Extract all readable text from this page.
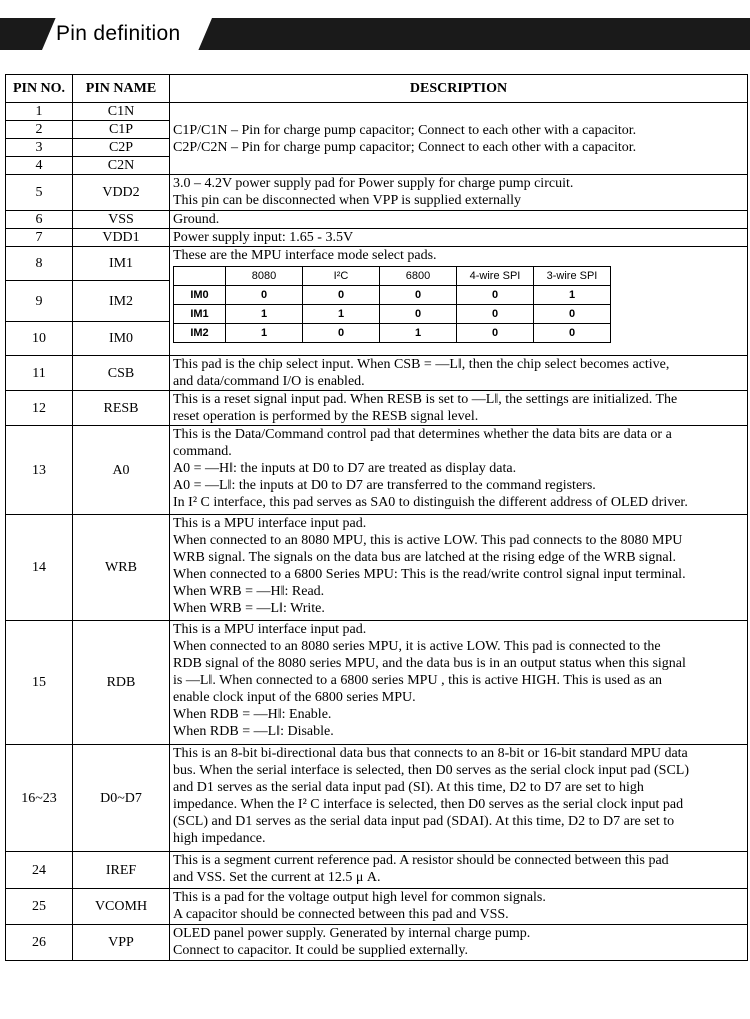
Pin definition
PIN NO.	PIN NAME	DESCRIPTION
1	C1N	
C1P/C1N – Pin for charge pump capacitor; Connect to each other with a capacitor.
C2P/C2N – Pin for charge pump capacitor; Connect to each other with a capacitor.

2	C1P
3	C2P
4	C2N
5	VDD2	
3.0 – 4.2V power supply pad for Power supply for charge pump circuit.
This pin can be disconnected when VPP is supplied externally

6	VSS	Ground.
7	VDD1	Power supply input: 1.65 - 3.5V
8	IM1	
These are the MPU interface mode select pads.
	8080	I²C	6800	4-wire SPI	3-wire SPI
IM0	0	0	0	0	1
IM1	1	1	0	0	0
IM2	1	0	1	0	0

9	IM2
10	IM0
11	CSB	
This pad is the chip select input. When CSB = ―L‖, then the chip select becomes active,
and data/command I/O is enabled.

12	RESB	
This is a reset signal input pad. When RESB is set to ―L‖, the settings are initialized. The
reset operation is performed by the RESB signal level.

13	A0	
This is the Data/Command control pad that determines whether the data bits are data or a
command.
A0 = ―H‖: the inputs at D0 to D7 are treated as display data.
A0 = ―L‖: the inputs at D0 to D7 are transferred to the command registers.
In I² C interface, this pad serves as SA0 to distinguish the different address of OLED driver.

14	WRB	
This is a MPU interface input pad.
When connected to an 8080 MPU, this is active LOW. This pad connects to the 8080 MPU
WRB signal. The signals on the data bus are latched at the rising edge of the WRB signal.
When connected to a 6800 Series MPU: This is the read/write control signal input terminal.
When WRB = ―H‖: Read.
When WRB = ―L‖: Write.

15	RDB	
This is a MPU interface input pad.
When connected to an 8080 series MPU, it is active LOW. This pad is connected to the
RDB signal of the 8080 series MPU, and the data bus is in an output status when this signal
is ―L‖. When connected to a 6800 series MPU , this is active HIGH. This is used as an
enable clock input of the 6800 series MPU.
When RDB = ―H‖: Enable.
When RDB = ―L‖: Disable.

16~23	D0~D7	
This is an 8-bit bi-directional data bus that connects to an 8-bit or 16-bit standard MPU data
bus. When the serial interface is selected, then D0 serves as the serial clock input pad (SCL)
and D1 serves as the serial data input pad (SI). At this time, D2 to D7 are set to high
impedance. When the I² C interface is selected, then D0 serves as the serial clock input pad
(SCL) and D1 serves as the serial data input pad (SDAI). At this time, D2 to D7 are set to
high impedance.

24	IREF	
This is a segment current reference pad. A resistor should be connected between this pad
and VSS. Set the current at 12.5 μ A.

25	VCOMH	
This is a pad for the voltage output high level for common signals.
A capacitor should be connected between this pad and VSS.

26	VPP	
OLED panel power supply. Generated by internal charge pump.
Connect to capacitor. It could be supplied externally.
